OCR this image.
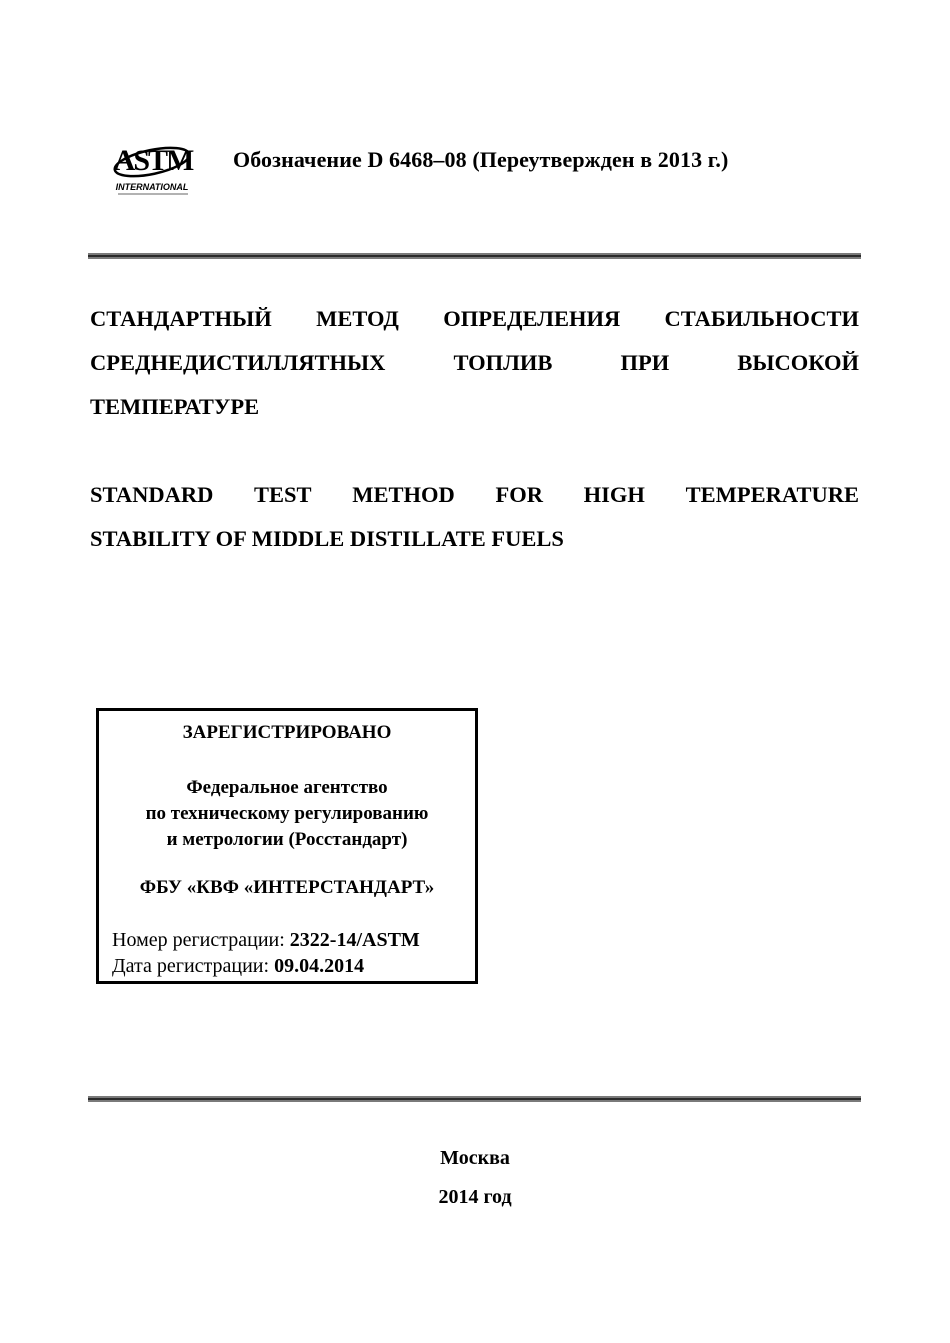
ASTM
INTERNATIONAL
Обозначение D 6468–08 (Переутвержден в 2013 г.)
СТАНДАРТНЫЙ МЕТОД ОПРЕДЕЛЕНИЯ СТАБИЛЬНОСТИ
СРЕДНЕДИСТИЛЛЯТНЫХ	ТОПЛИВ	ПРИ	ВЫСОКОЙ
ТЕМПЕРАТУРЕ
STANDARD TEST METHOD FOR HIGH TEMPERATURE
STABILITY OF MIDDLE DISTILLATE FUELS
ЗАРЕГИСТРИРОВАНО
Федеральное агентство
по техническому регулированию
и метрологии (Росстандарт)
ФБУ «КВФ «ИНТЕРСТАНДАРТ»
Номер регистрации: 2322-14/ASTM
Дата регистрации: 09.04.2014
Москва
2014 год
